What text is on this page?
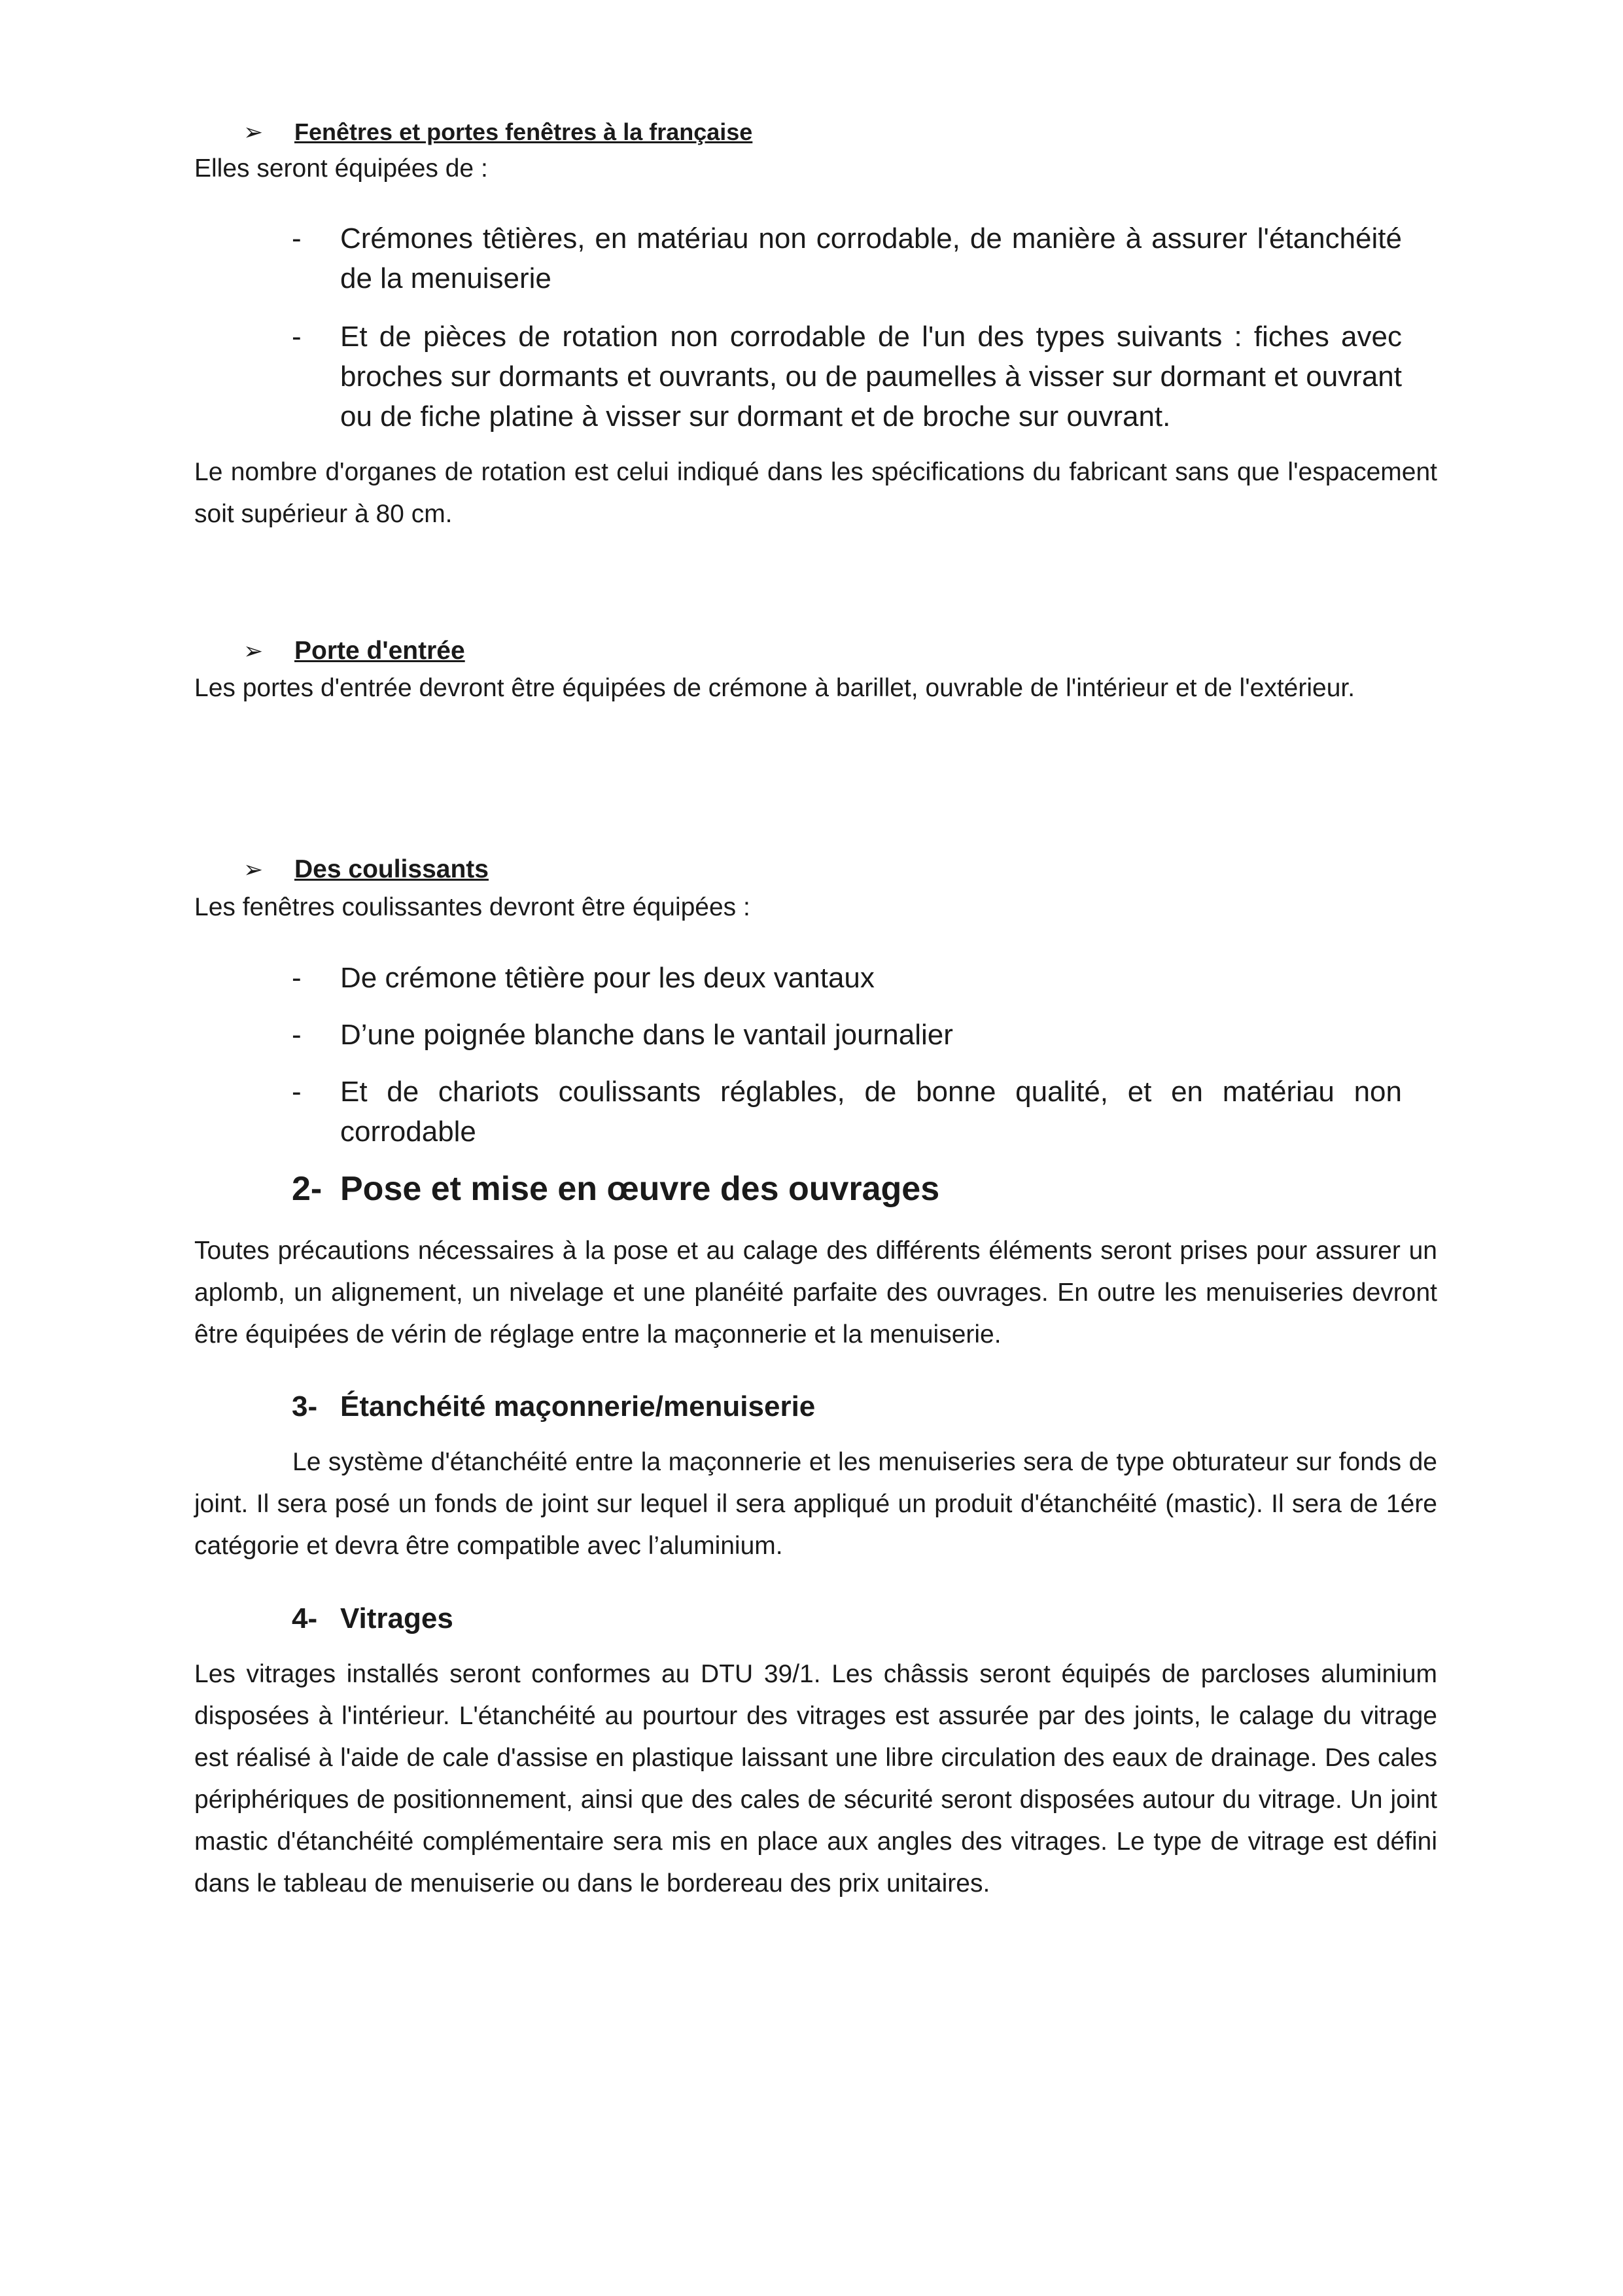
➢	Fenêtres et portes fenêtres à la française

Elles seront équipées de :

-	Crémones têtières, en matériau non corrodable, de manière à assurer l'étanchéité de la menuiserie
-	Et de pièces de rotation non corrodable de l'un des types suivants : fiches avec broches sur dormants et ouvrants, ou de paumelles à visser sur dormant et ouvrant ou de fiche platine à visser sur dormant et de broche sur ouvrant.

Le nombre d'organes de rotation est celui indiqué dans les spécifications du fabricant sans que l'espacement soit supérieur à 80 cm.

➢	Porte d'entrée

Les portes d'entrée devront être équipées de crémone à barillet, ouvrable de l'intérieur et de l'extérieur.

➢	Des coulissants

Les fenêtres coulissantes devront être équipées :

-	De crémone têtière pour les deux vantaux
-	D’une poignée blanche dans le vantail journalier
-	Et de chariots coulissants réglables, de bonne qualité, et en matériau non corrodable
2- Pose et mise en œuvre des ouvrages

Toutes précautions nécessaires à la pose et au calage des différents éléments seront prises pour assurer un aplomb, un alignement, un nivelage et une planéité parfaite des ouvrages. En outre les menuiseries devront être équipées de vérin de réglage entre la maçonnerie et la menuiserie.

3- Étanchéité maçonnerie/menuiserie

Le système d'étanchéité entre la maçonnerie et les menuiseries sera de type obturateur sur fonds de joint. Il sera posé un fonds de joint sur lequel il sera appliqué un produit d'étanchéité (mastic). Il sera de 1ére catégorie et devra être compatible avec l’aluminium.

4- Vitrages

Les vitrages installés seront conformes au DTU 39/1. Les châssis seront équipés de parcloses aluminium disposées à l'intérieur. L'étanchéité au pourtour des vitrages est assurée par des joints, le calage du vitrage est réalisé à l'aide de cale d'assise en plastique laissant une libre circulation des eaux de drainage. Des cales périphériques de positionnement, ainsi que des cales de sécurité seront disposées autour du vitrage. Un joint mastic d'étanchéité complémentaire sera mis en place aux angles des vitrages. Le type de vitrage est défini dans le tableau de menuiserie ou dans le bordereau des prix unitaires.
